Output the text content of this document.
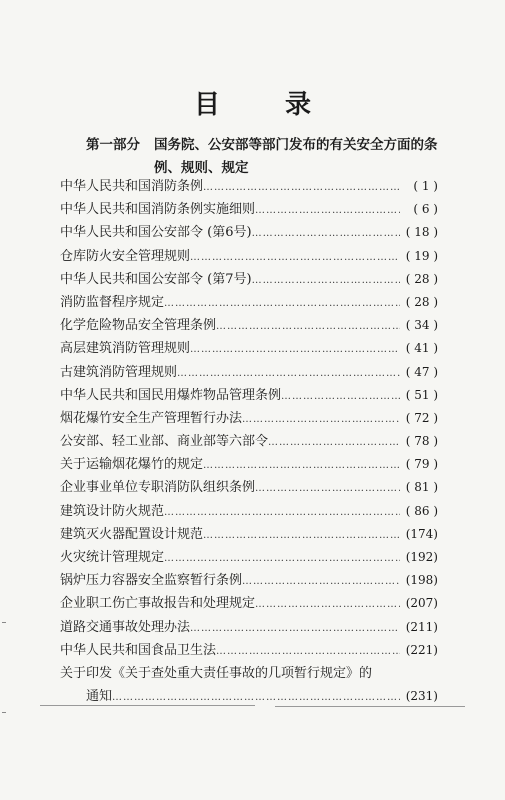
目 录
第一部分 国务院、公安部等部门发布的有关安全方面的条
例、规则、规定
中华人民共和国消防条例 ……………………………………………………………………………………………………………………………	( 1 )
中华人民共和国消防条例实施细则 ……………………………………………………………………………………………………………………………	( 6 )
中华人民共和国公安部令 (第6号) ……………………………………………………………………………………………………………………………	( 18 )
仓库防火安全管理规则 ……………………………………………………………………………………………………………………………	( 19 )
中华人民共和国公安部令 (第7号) ……………………………………………………………………………………………………………………………	( 28 )
消防监督程序规定 ……………………………………………………………………………………………………………………………	( 28 )
化学危险物品安全管理条例 ……………………………………………………………………………………………………………………………	( 34 )
高层建筑消防管理规则 ……………………………………………………………………………………………………………………………	( 41 )
古建筑消防管理规则 ……………………………………………………………………………………………………………………………	( 47 )
中华人民共和国民用爆炸物品管理条例 ……………………………………………………………………………………………………………………………	( 51 )
烟花爆竹安全生产管理暂行办法 ……………………………………………………………………………………………………………………………	( 72 )
公安部、轻工业部、商业部等六部令 ……………………………………………………………………………………………………………………………	( 78 )
关于运输烟花爆竹的规定 ……………………………………………………………………………………………………………………………	( 79 )
企业事业单位专职消防队组织条例 ……………………………………………………………………………………………………………………………	( 81 )
建筑设计防火规范 ……………………………………………………………………………………………………………………………	( 86 )
建筑灭火器配置设计规范 ……………………………………………………………………………………………………………………………	(174)
火灾统计管理规定 ……………………………………………………………………………………………………………………………	(192)
锅炉压力容器安全监察暂行条例 ……………………………………………………………………………………………………………………………	(198)
企业职工伤亡事故报告和处理规定 ……………………………………………………………………………………………………………………………	(207)
道路交通事故处理办法 ……………………………………………………………………………………………………………………………	(211)
中华人民共和国食品卫生法 ……………………………………………………………………………………………………………………………	(221)
关于印发《关于查处重大责任事故的几项暂行规定》的
通知 ……………………………………………………………………………………………………………………………	(231)
